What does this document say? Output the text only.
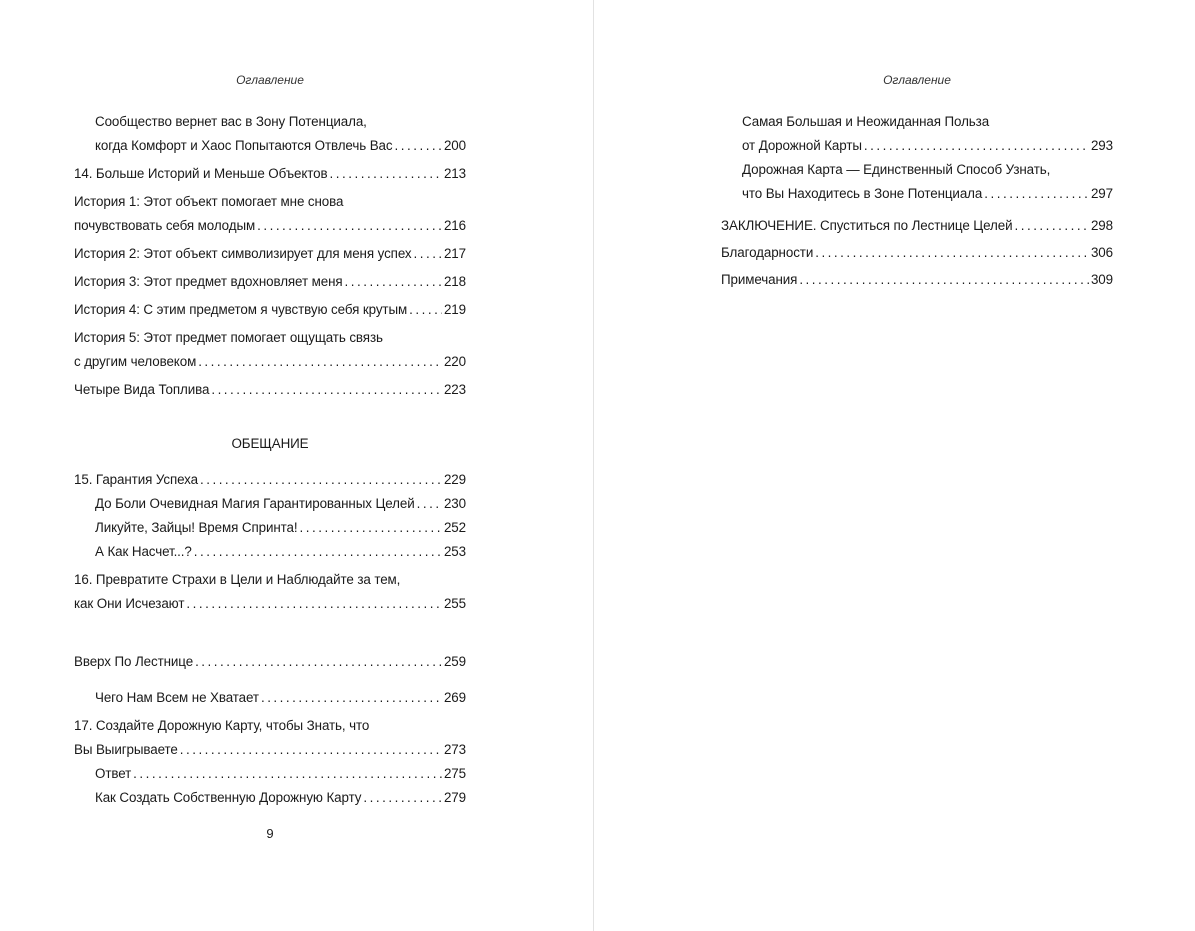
Оглавление
Сообщество вернет вас в Зону Потенциала,
когда Комфорт и Хаос Попытаются Отвлечь Вас . . .	200
14. Больше Историй и Меньше Объектов . . .	213
История 1: Этот объект помогает мне снова
почувствовать себя молодым . . .	216
История 2: Этот объект символизирует для меня успех . . . 217
История 3: Этот предмет вдохновляет меня . . .	218
История 4: С этим предметом я чувствую себя крутым . . .	219
История 5: Этот предмет помогает ощущать связь
с другим человеком . . .	220
Четыре Вида Топлива . . .	223
ОБЕЩАНИЕ
15. Гарантия Успеха . . .	229
До Боли Очевидная Магия Гарантированных Целей . . . 230
Ликуйте, Зайцы! Время Спринта! . . .	252
А Как Насчет...? . . .	253
16. Превратите Страхи в Цели и Наблюдайте за тем,
как Они Исчезают . . .	255
Вверх По Лестнице . . .	259
Чего Нам Всем не Хватает . . .	269
17. Создайте Дорожную Карту, чтобы Знать, что
Вы Выигрываете . . .	273
Ответ . . .	275
Как Создать Собственную Дорожную Карту . . .	279
9
Оглавление
Самая Большая и Неожиданная Польза
от Дорожной Карты . . .	293
Дорожная Карта — Единственный Способ Узнать,
что Вы Находитесь в Зоне Потенциала . . .	297
ЗАКЛЮЧЕНИЕ. Спуститься по Лестнице Целей . . .	298
Благодарности . . .	306
Примечания . . .	309
